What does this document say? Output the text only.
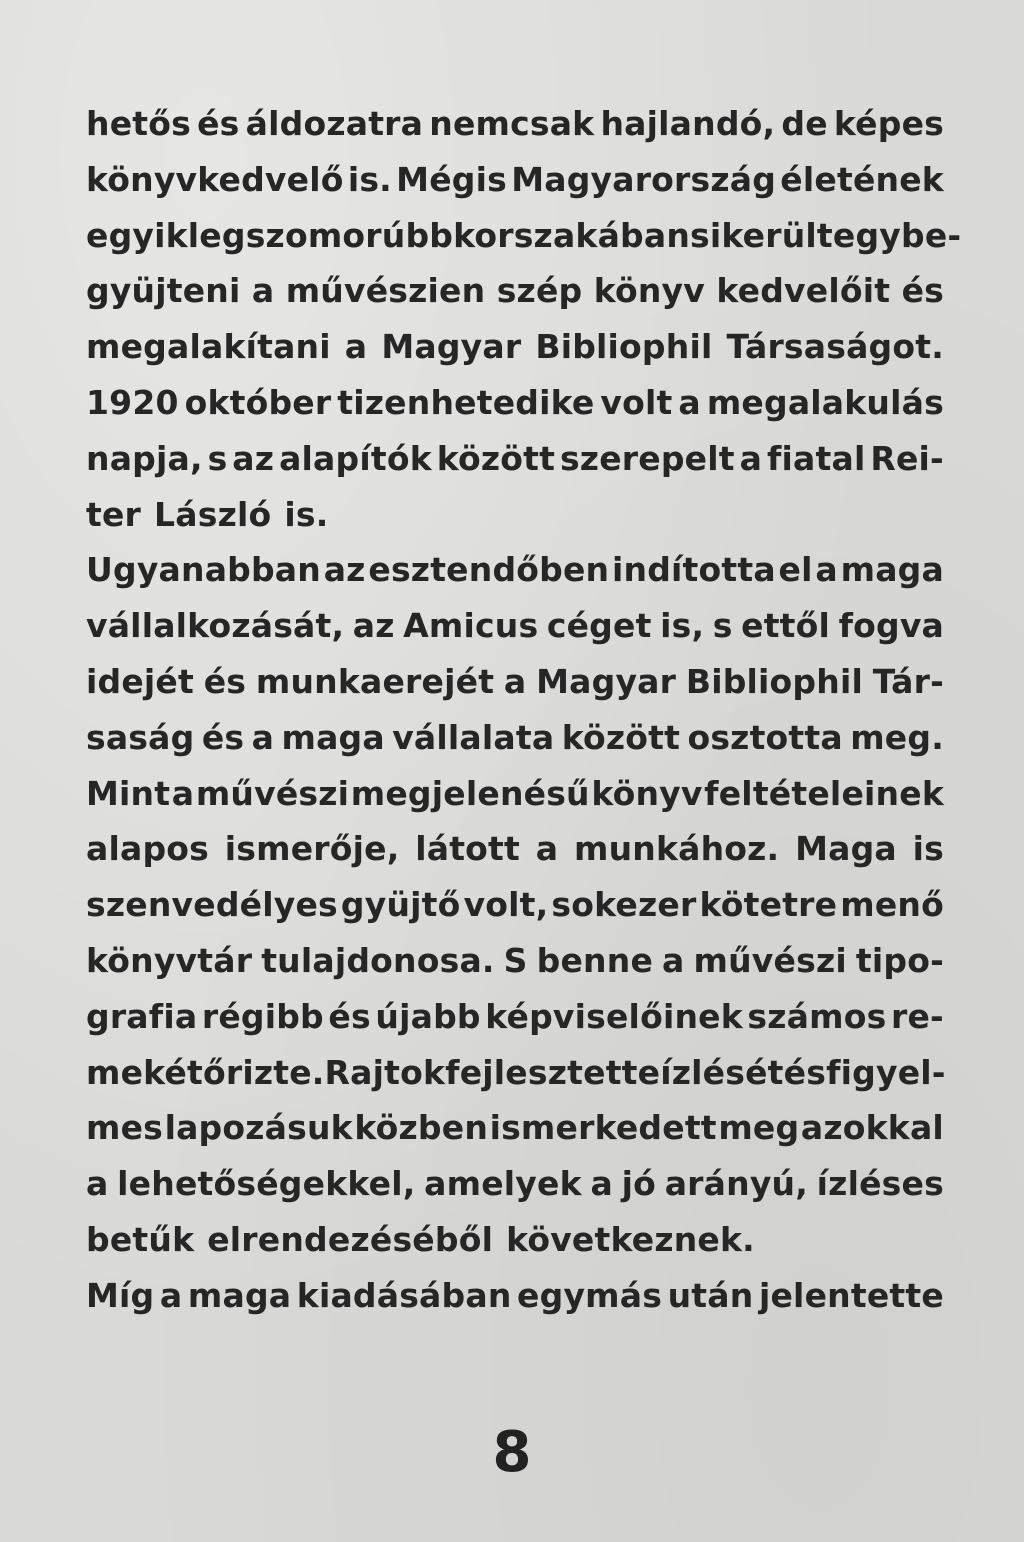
hetős és áldozatra nemcsak hajlandó, de képes
könyvkedvelő is. Mégis Magyarország életének
egyik legszomorúbb korszakában sikerült egybe-
gyüjteni a művészien szép könyv kedvelőit és
megalakítani a Magyar Bibliophil Társaságot.
1920 október tizenhetedike volt a megalakulás
napja, s az alapítók között szerepelt a fiatal Rei-
ter László is.
Ugyanabban az esztendőben indította el a maga
vállalkozását, az Amicus céget is, s ettől fogva
idejét és munkaerejét a Magyar Bibliophil Tár-
saság és a maga vállalata között osztotta meg.
Mint a művészi megjelenésű könyv feltételeinek
alapos ismerője, látott a munkához. Maga is
szenvedélyes gyüjtő volt, sokezer kötetre menő
könyvtár tulajdonosa. S benne a művészi tipo-
grafia régibb és újabb képviselőinek számos re-
mekét őrizte. Rajtok fejlesztette ízlését és figyel-
mes lapozásuk közben ismerkedett meg azokkal
a lehetőségekkel, amelyek a jó arányú, ízléses
betűk elrendezéséből következnek.
Míg a maga kiadásában egymás után jelentette
8
